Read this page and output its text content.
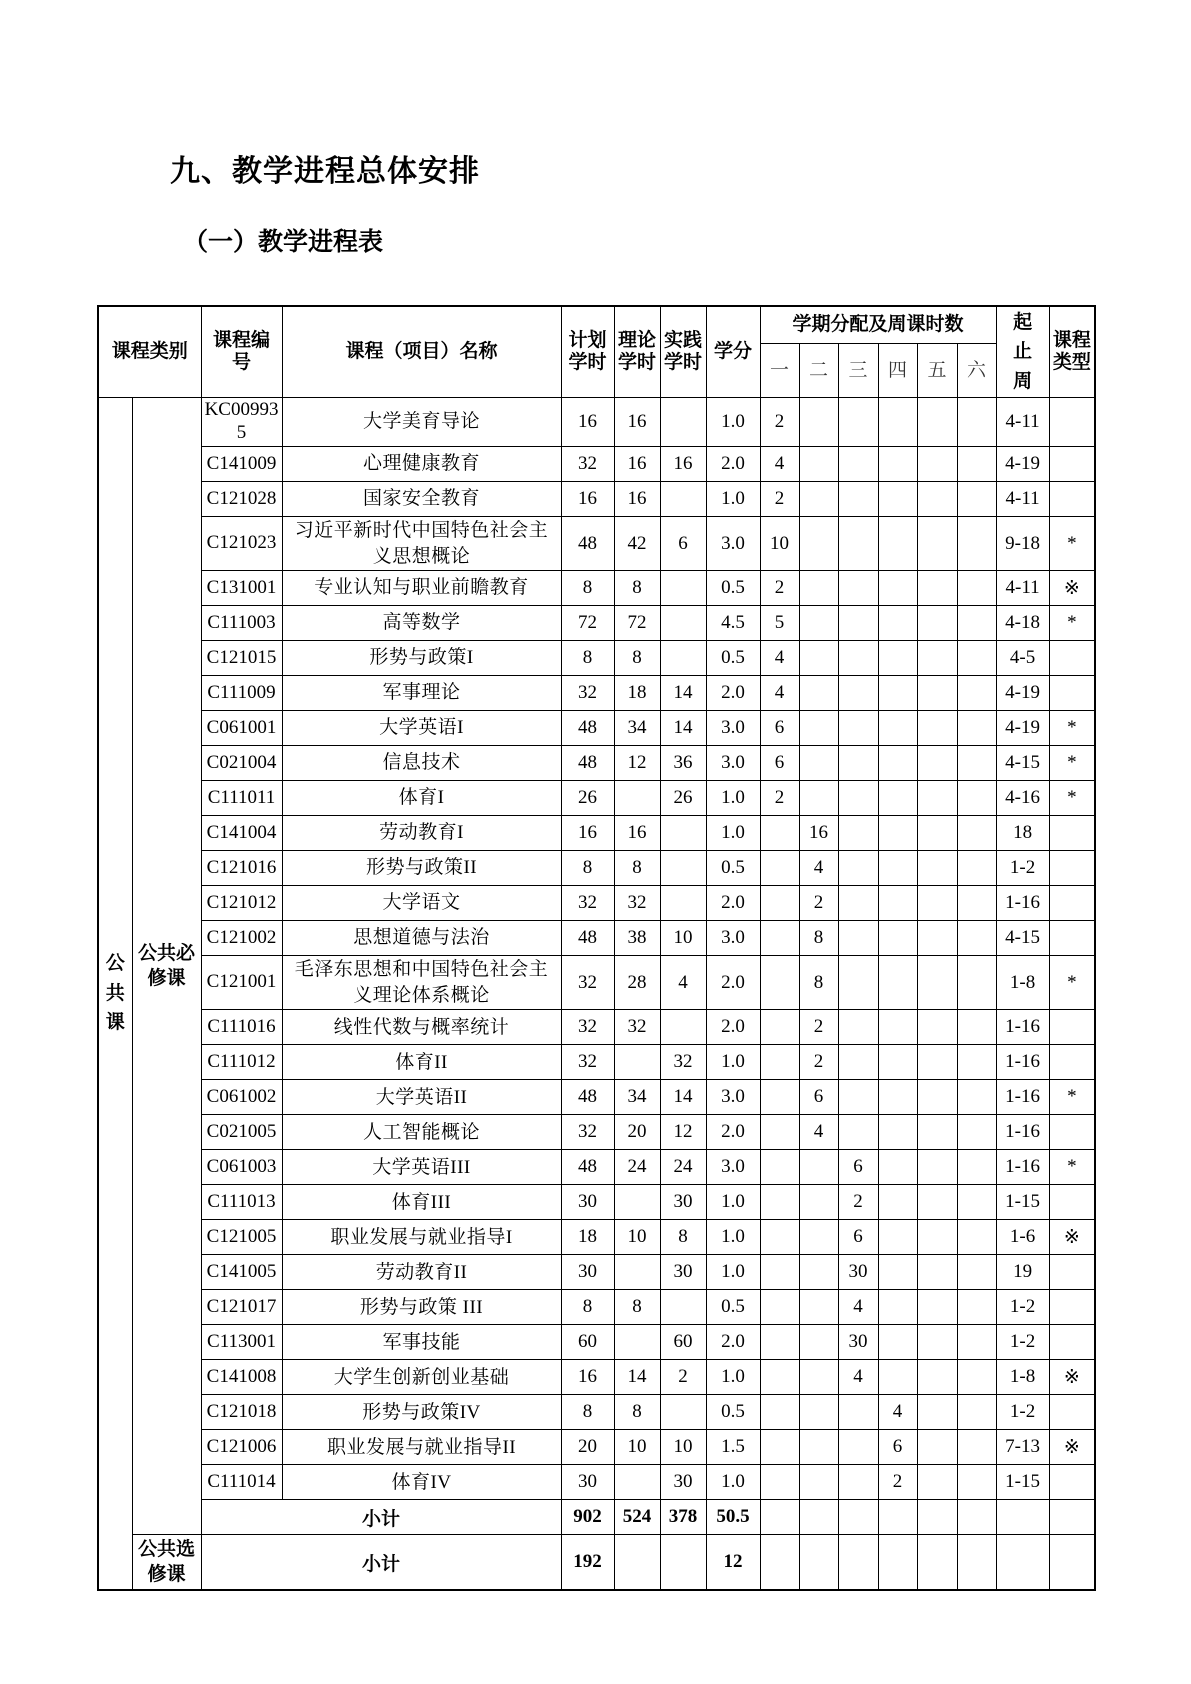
九、教学进程总体安排
（一）教学进程表
课程类别		课程编号	课程（项目）名称	计划学时	理论学时	实践学时	学分	学期分配及周课时数						起止周	课程类型
								一	二	三	四	五	六		

公共课	公共必修课	KC009935	大学美育导论	16	16		1.0	2						4-11	
		C141009	心理健康教育	32	16	16	2.0	4						4-19	
		C121028	国家安全教育	16	16		1.0	2						4-11	
		C121023	习近平新时代中国特色社会主义思想概论	48	42	6	3.0	10						9-18	*
		C131001	专业认知与职业前瞻教育	8	8		0.5	2						4-11	※
		C111003	高等数学	72	72		4.5	5						4-18	*
		C121015	形势与政策I	8	8		0.5	4						4-5	
		C111009	军事理论	32	18	14	2.0	4						4-19	
		C061001	大学英语I	48	34	14	3.0	6						4-19	*
		C021004	信息技术	48	12	36	3.0	6						4-15	*
		C111011	体育I	26		26	1.0	2						4-16	*
		C141004	劳动教育I	16	16		1.0		16					18	
		C121016	形势与政策II	8	8		0.5		4					1-2	
		C121012	大学语文	32	32		2.0		2					1-16	
		C121002	思想道德与法治	48	38	10	3.0		8					4-15	
		C121001	毛泽东思想和中国特色社会主义理论体系概论	32	28	4	2.0		8					1-8	*
		C111016	线性代数与概率统计	32	32		2.0		2					1-16	
		C111012	体育II	32		32	1.0		2					1-16	
		C061002	大学英语II	48	34	14	3.0		6					1-16	*
		C021005	人工智能概论	32	20	12	2.0		4					1-16	
		C061003	大学英语III	48	24	24	3.0			6				1-16	*
		C111013	体育III	30		30	1.0			2				1-15	
		C121005	职业发展与就业指导I	18	10	8	1.0			6				1-6	※
		C141005	劳动教育II	30		30	1.0			30				19	
		C121017	形势与政策 III	8	8		0.5			4				1-2	
		C113001	军事技能	60		60	2.0			30				1-2	
		C141008	大学生创新创业基础	16	14	2	1.0			4				1-8	※
		C121018	形势与政策IV	8	8		0.5				4			1-2	
		C121006	职业发展与就业指导II	20	10	10	1.5				6			7-13	※
		C111014	体育IV	30		30	1.0				2			1-15	
		小计		902	524	378	50.5								

	公共选修课	小计		192			12								
